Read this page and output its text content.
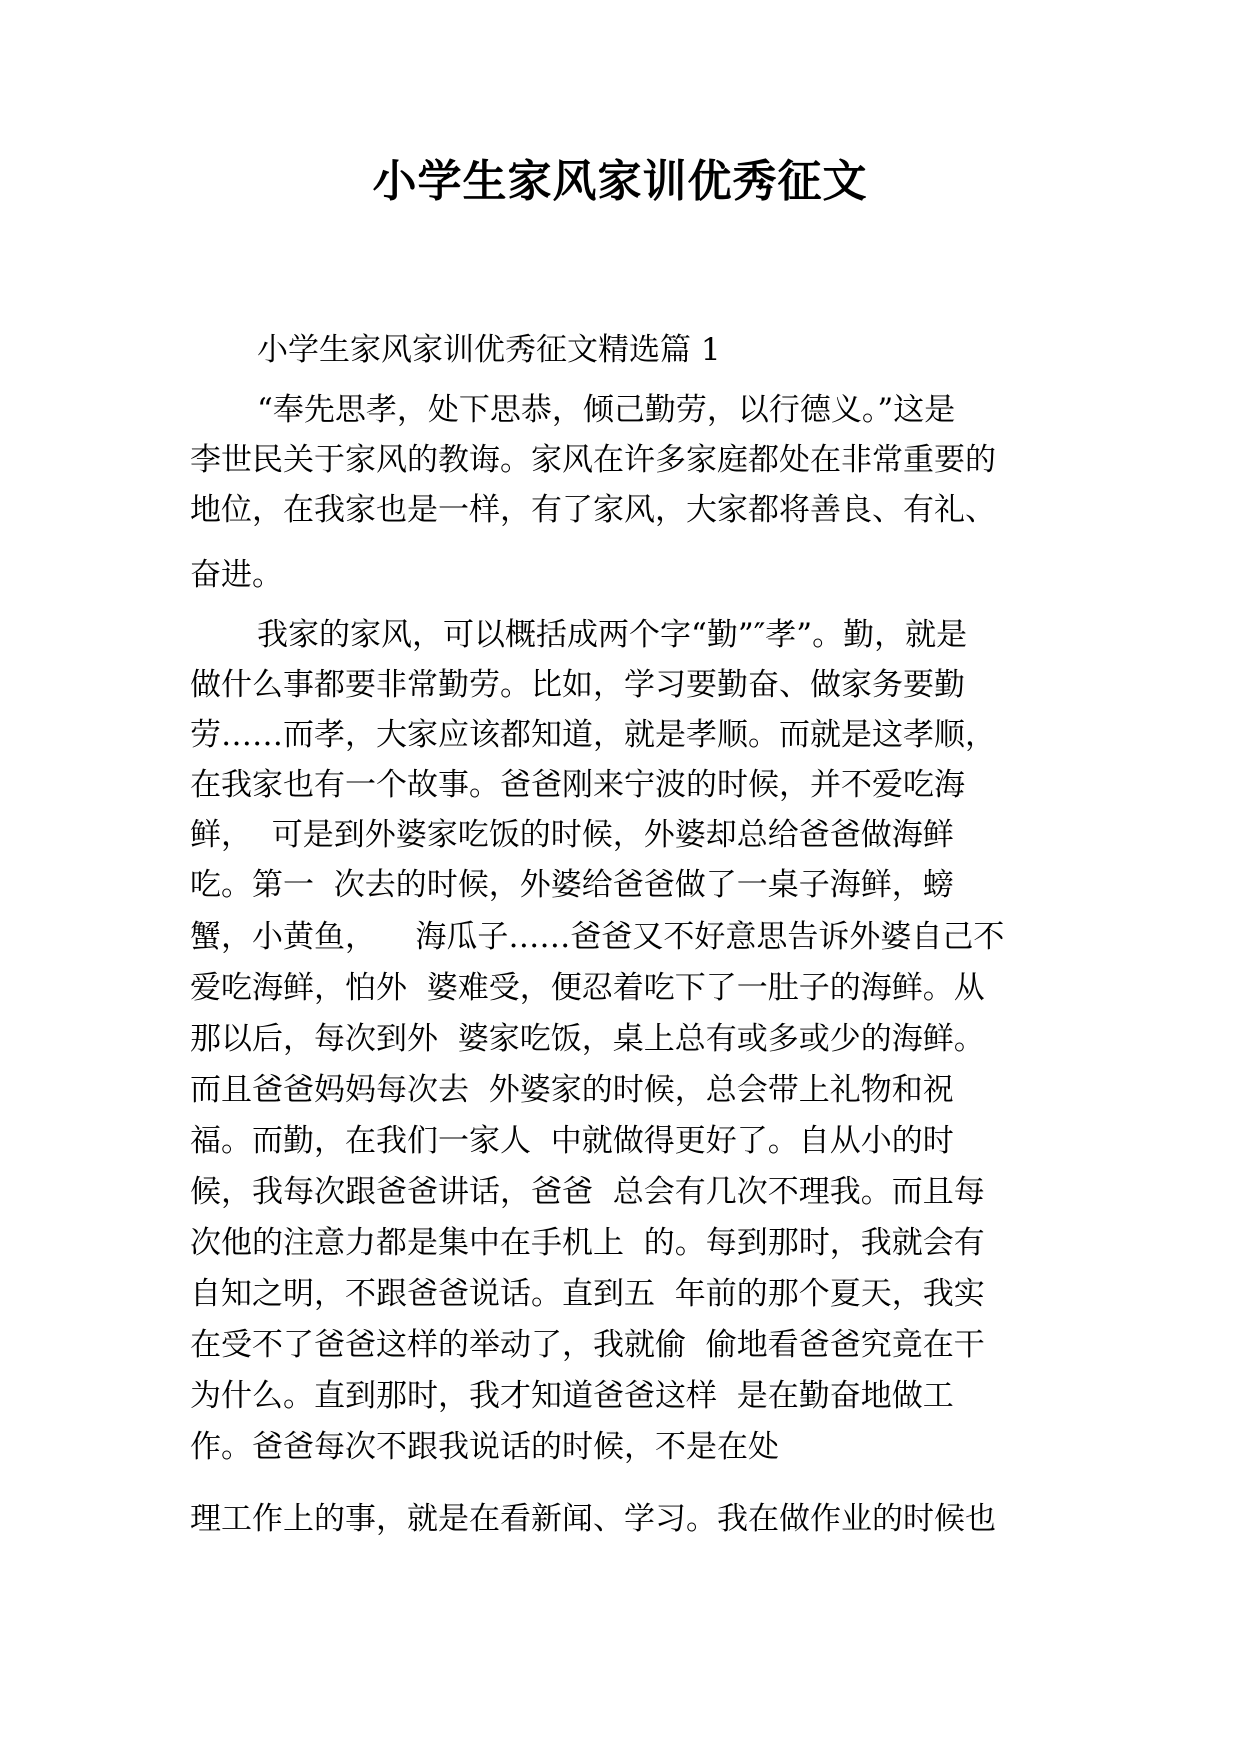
小学生家风家训优秀征文
小学生家风家训优秀征文精选篇 1
“奉先思孝，处下思恭，倾己勤劳，以行德义。”这是
李世民关于家风的教诲。家风在许多家庭都处在非常重要的
地位，在我家也是一样，有了家风，大家都将善良、有礼、
奋进。
我家的家风，可以概括成两个字“勤”″孝”。勤，就是
做什么事都要非常勤劳。比如，学习要勤奋、做家务要勤
劳……而孝，大家应该都知道，就是孝顺。而就是这孝顺，
在我家也有一个故事。爸爸刚来宁波的时候，并不爱吃海
鲜，  可是到外婆家吃饭的时候，外婆却总给爸爸做海鲜
吃。第一  次去的时候，外婆给爸爸做了一桌子海鲜，螃
蟹，小黄鱼，    海瓜子……爸爸又不好意思告诉外婆自己不
爱吃海鲜，怕外  婆难受，便忍着吃下了一肚子的海鲜。从
那以后，每次到外  婆家吃饭，桌上总有或多或少的海鲜。
而且爸爸妈妈每次去  外婆家的时候，总会带上礼物和祝
福。而勤，在我们一家人  中就做得更好了。自从小的时
候，我每次跟爸爸讲话，爸爸  总会有几次不理我。而且每
次他的注意力都是集中在手机上  的。每到那时，我就会有
自知之明，不跟爸爸说话。直到五  年前的那个夏天，我实
在受不了爸爸这样的举动了，我就偷  偷地看爸爸究竟在干
为什么。直到那时，我才知道爸爸这样  是在勤奋地做工
作。爸爸每次不跟我说话的时候，不是在处
理工作上的事，就是在看新闻、学习。我在做作业的时候也
